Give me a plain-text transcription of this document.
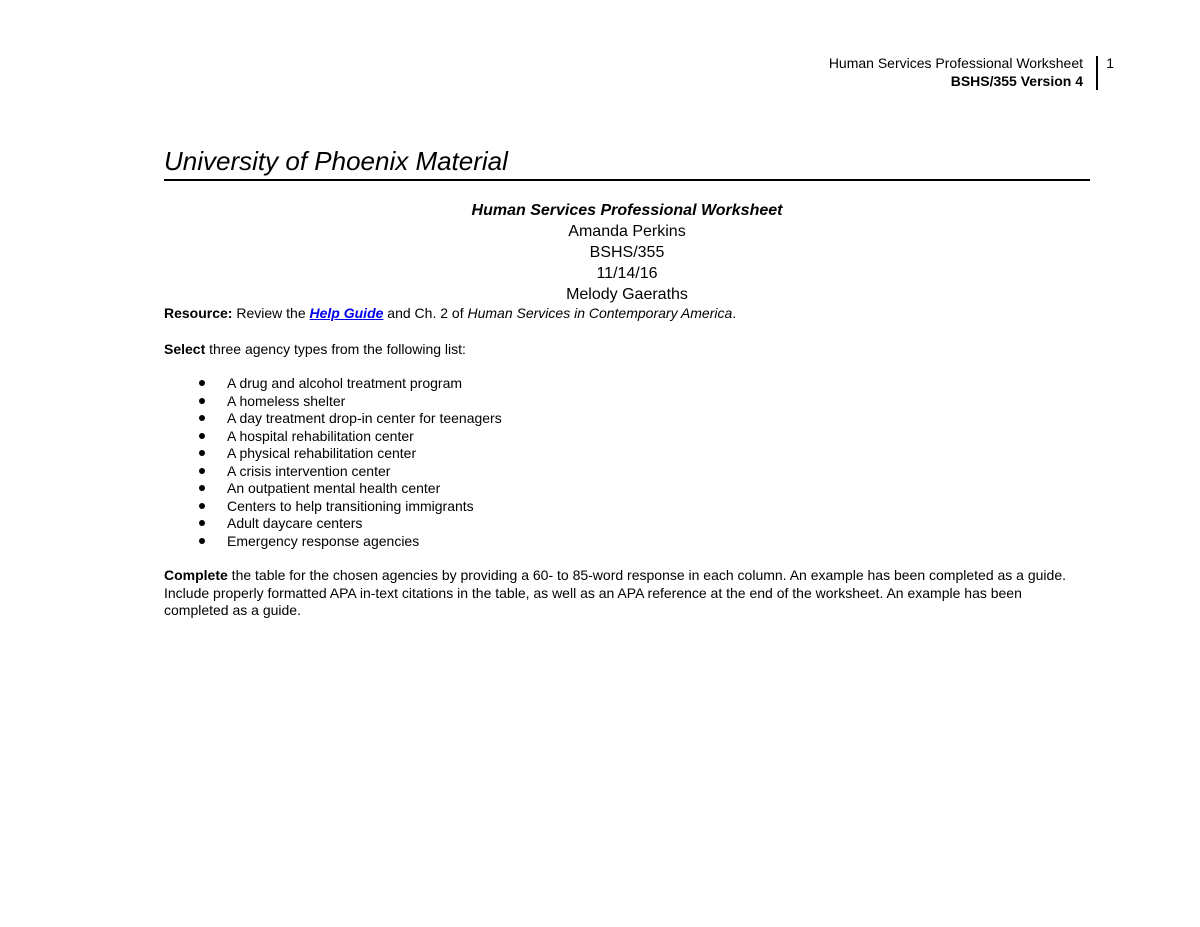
Human Services Professional Worksheet
BSHS/355 Version 4
1
University of Phoenix Material
Human Services Professional Worksheet
Amanda Perkins
BSHS/355
11/14/16
Melody Gaeraths
Resource: Review the Help Guide and Ch. 2 of Human Services in Contemporary America.
Select three agency types from the following list:
A drug and alcohol treatment program
A homeless shelter
A day treatment drop-in center for teenagers
A hospital rehabilitation center
A physical rehabilitation center
A crisis intervention center
An outpatient mental health center
Centers to help transitioning immigrants
Adult daycare centers
Emergency response agencies
Complete the table for the chosen agencies by providing a 60- to 85-word response in each column. An example has been completed as a guide. Include properly formatted APA in-text citations in the table, as well as an APA reference at the end of the worksheet. An example has been completed as a guide.
